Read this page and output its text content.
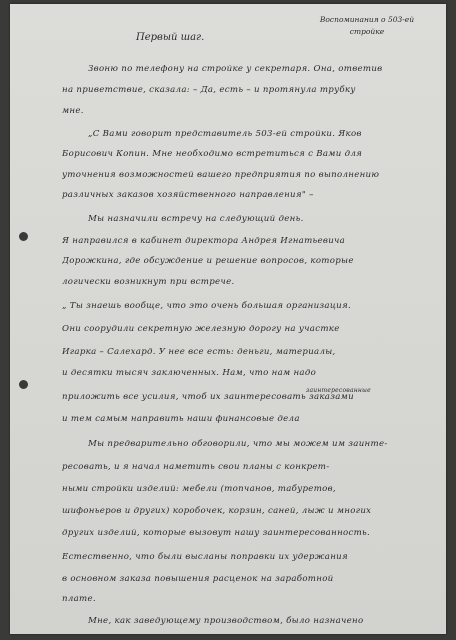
Воспоминания о 503-ей
стройке
Первый шаг.
Звоню по телефону на стройке у секретаря. Она, ответив
на приветствие, сказала: – Да, есть – и протянула трубку
мне.
„С Вами говорит представитель 503-ей стройки. Яков
Борисович Копин. Мне необходимо встретиться с Вами для
уточнения возможностей вашего предприятия по выполнению
различных заказов хозяйственного направления" –
Мы назначили встречу на следующий день.
Я направился в кабинет директора Андрея Игнатьевича
Дорожкина, где обсуждение и решение вопросов, которые
логически возникнут при встрече.
„ Ты знаешь вообще, что это очень большая организация.
Они соорудили секретную железную дорогу на участке
Игарка – Салехард. У нее все есть: деньги, материалы,
и десятки тысяч заключенных. Нам, что нам надо
приложить все усилия, чтоб их заинтересовать заказами
заинтересованные
и тем самым направить наши финансовые дела
Мы предварительно обговорили, что мы можем им заинте-
ресовать, и я начал наметить свои планы с конкрет-
ными стройки изделий: мебели (топчанов, табуретов,
шифоньеров и других) коробочек, корзин, саней, лыж и многих
других изделий, которые вызовут нашу заинтересованность.
Естественно, что были высланы поправки их удержания
в основном заказа повышения расценок на заработной
плате.
Мне, как заведующему производством, было назначено
